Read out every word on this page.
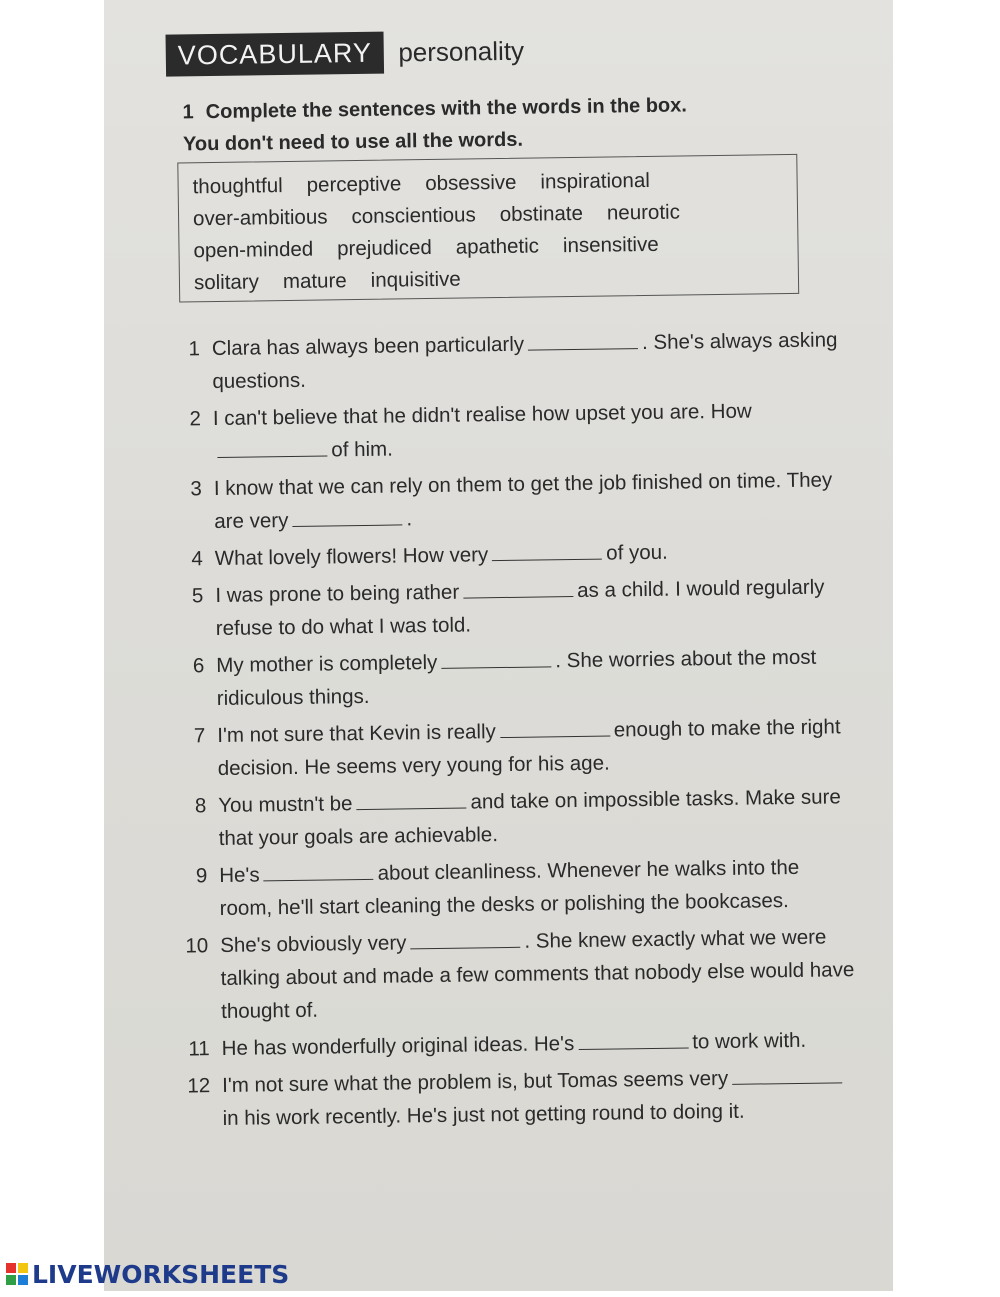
VOCABULARY personality
1 Complete the sentences with the words in the box.
You don't need to use all the words.
thoughtful perceptive obsessive inspirational
over-ambitious conscientious obstinate neurotic
open-minded prejudiced apathetic insensitive
solitary mature inquisitive
1 Clara has always been particularly	. She's always asking questions.
2 I can't believe that he didn't realise how upset you are. Howof him.
3 I know that we can rely on them to get the job finished on time. They are very	.
4 What lovely flowers! How very	of you.
5 I was prone to being rather	as a child. I would regularly refuse to do what I was told.
6 My mother is completely	. She worries about the most ridiculous things.
7 I'm not sure that Kevin is really	enough to make the right decision. He seems very young for his age.
8 You mustn't be	and take on impossible tasks. Make sure that your goals are achievable.
9 He's	about cleanliness. Whenever he walks into the room, he'll start cleaning the desks or polishing the bookcases.
10 She's obviously very	. She knew exactly what we were talking about and made a few comments that nobody else would have thought of.
11 He has wonderfully original ideas. He's	to work with.
12 I'm not sure what the problem is, but Tomas seems veryin his work recently. He's just not getting round to doing it.
LIVEWORKSHEETS
